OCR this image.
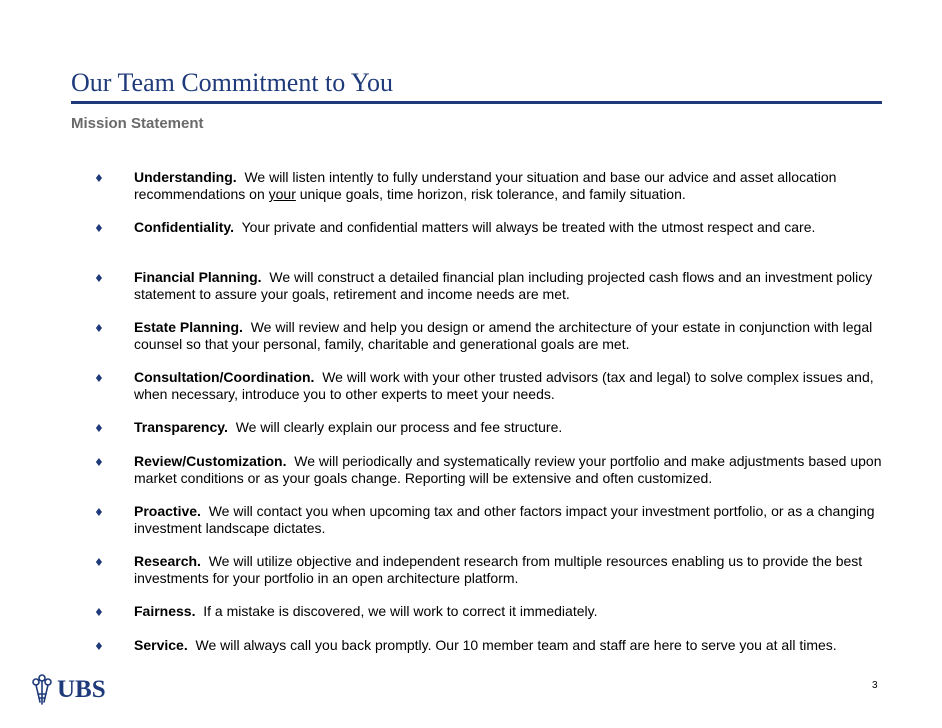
Our Team Commitment to You
Mission Statement
♦ Understanding. We will listen intently to fully understand your situation and base our advice and asset allocation recommendations on your unique goals, time horizon, risk tolerance, and family situation.
♦ Confidentiality. Your private and confidential matters will always be treated with the utmost respect and care.
♦ Financial Planning. We will construct a detailed financial plan including projected cash flows and an investment policy statement to assure your goals, retirement and income needs are met.
♦ Estate Planning. We will review and help you design or amend the architecture of your estate in conjunction with legal counsel so that your personal, family, charitable and generational goals are met.
♦ Consultation/Coordination. We will work with your other trusted advisors (tax and legal) to solve complex issues and, when necessary, introduce you to other experts to meet your needs.
♦ Transparency. We will clearly explain our process and fee structure.
♦ Review/Customization. We will periodically and systematically review your portfolio and make adjustments based upon market conditions or as your goals change. Reporting will be extensive and often customized.
♦ Proactive. We will contact you when upcoming tax and other factors impact your investment portfolio, or as a changing investment landscape dictates.
♦ Research. We will utilize objective and independent research from multiple resources enabling us to provide the best investments for your portfolio in an open architecture platform.
♦ Fairness. If a mistake is discovered, we will work to correct it immediately.
♦ Service. We will always call you back promptly. Our 10 member team and staff are here to serve you at all times.
UBS	3
